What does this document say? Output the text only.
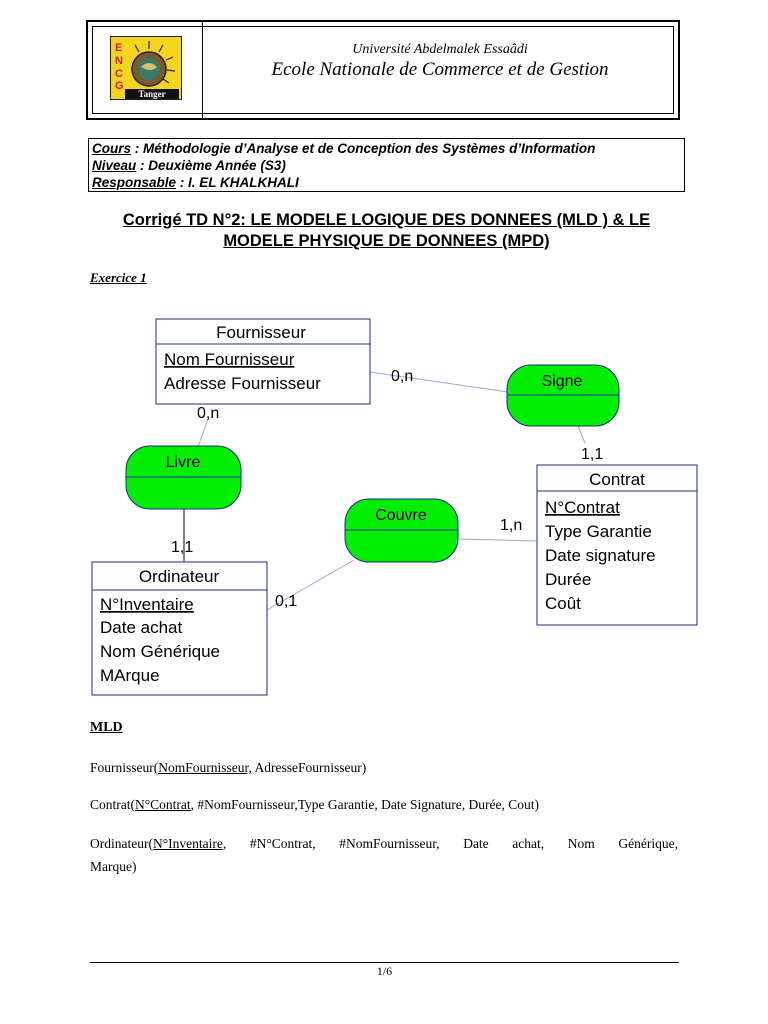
E
N
C
G
Tanger
Université Abdelmalek Essaâdi
Ecole Nationale de Commerce et de Gestion
Cours : Méthodologie d’Analyse et de Conception des Systèmes d’Information
Niveau : Deuxième Année (S3)
Responsable : I. EL KHALKHALI
Corrigé TD N°2: LE MODELE LOGIQUE DES DONNEES (MLD ) & LE
MODELE PHYSIQUE DE DONNEES (MPD)
Exercice 1
Fournisseur
Nom Fournisseur
Adresse Fournisseur
Contrat
N°Contrat
Type Garantie
Date signature
Durée
Coût
Ordinateur
N°Inventaire
Date achat
Nom Générique
MArque
Livre
Signe
Couvre
0,n
0,n
1,1
1,1
1,n
0,1
MLD
Fournisseur(NomFournisseur, AdresseFournisseur)
Contrat(N°Contrat, #NomFournisseur,Type Garantie, Date Signature, Durée, Cout)
Ordinateur(N°Inventaire, #N°Contrat, #NomFournisseur, Date achat, Nom Générique,
Marque)
1/6
